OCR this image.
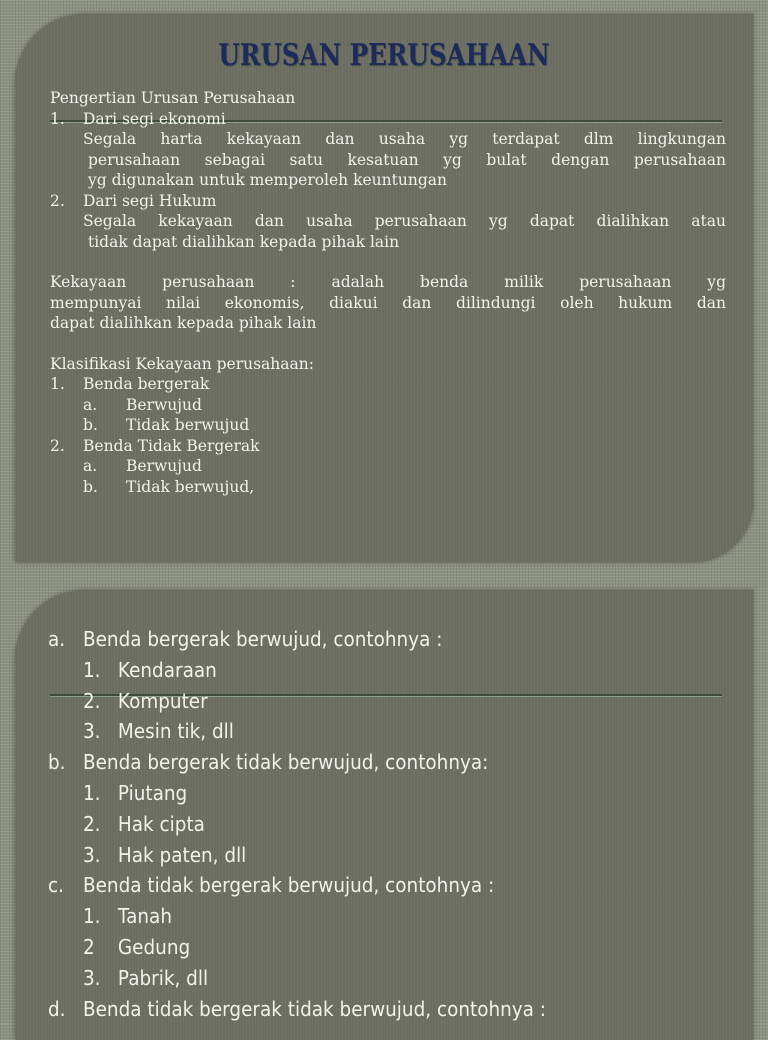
URUSAN PERUSAHAAN

Pengertian Urusan Perusahaan

1. Dari segi ekonomi

Segala harta kekayaan dan usaha yg terdapat dlm lingkungan

perusahaan sebagai satu kesatuan yg bulat dengan perusahaan

yg digunakan untuk memperoleh keuntungan

2. Dari segi Hukum

Segala kekayaan dan usaha perusahaan yg dapat dialihkan atau

tidak dapat dialihkan kepada pihak lain

Kekayaan perusahaan : adalah benda milik perusahaan yg

mempunyai nilai ekonomis, diakui dan dilindungi oleh hukum dan

dapat dialihkan kepada pihak lain

Klasifikasi Kekayaan perusahaan:

1. Benda bergerak

a. Berwujud

b. Tidak berwujud

2. Benda Tidak Bergerak

a. Berwujud

b. Tidak berwujud,

a. Benda bergerak berwujud, contohnya :
1. Kendaraan
2. Komputer
3. Mesin tik, dll
b. Benda bergerak tidak berwujud, contohnya:
1. Piutang
2. Hak cipta
3. Hak paten, dll
c. Benda tidak bergerak berwujud, contohnya :
1. Tanah
2 Gedung
3. Pabrik, dll
d. Benda tidak bergerak tidak berwujud, contohnya :
